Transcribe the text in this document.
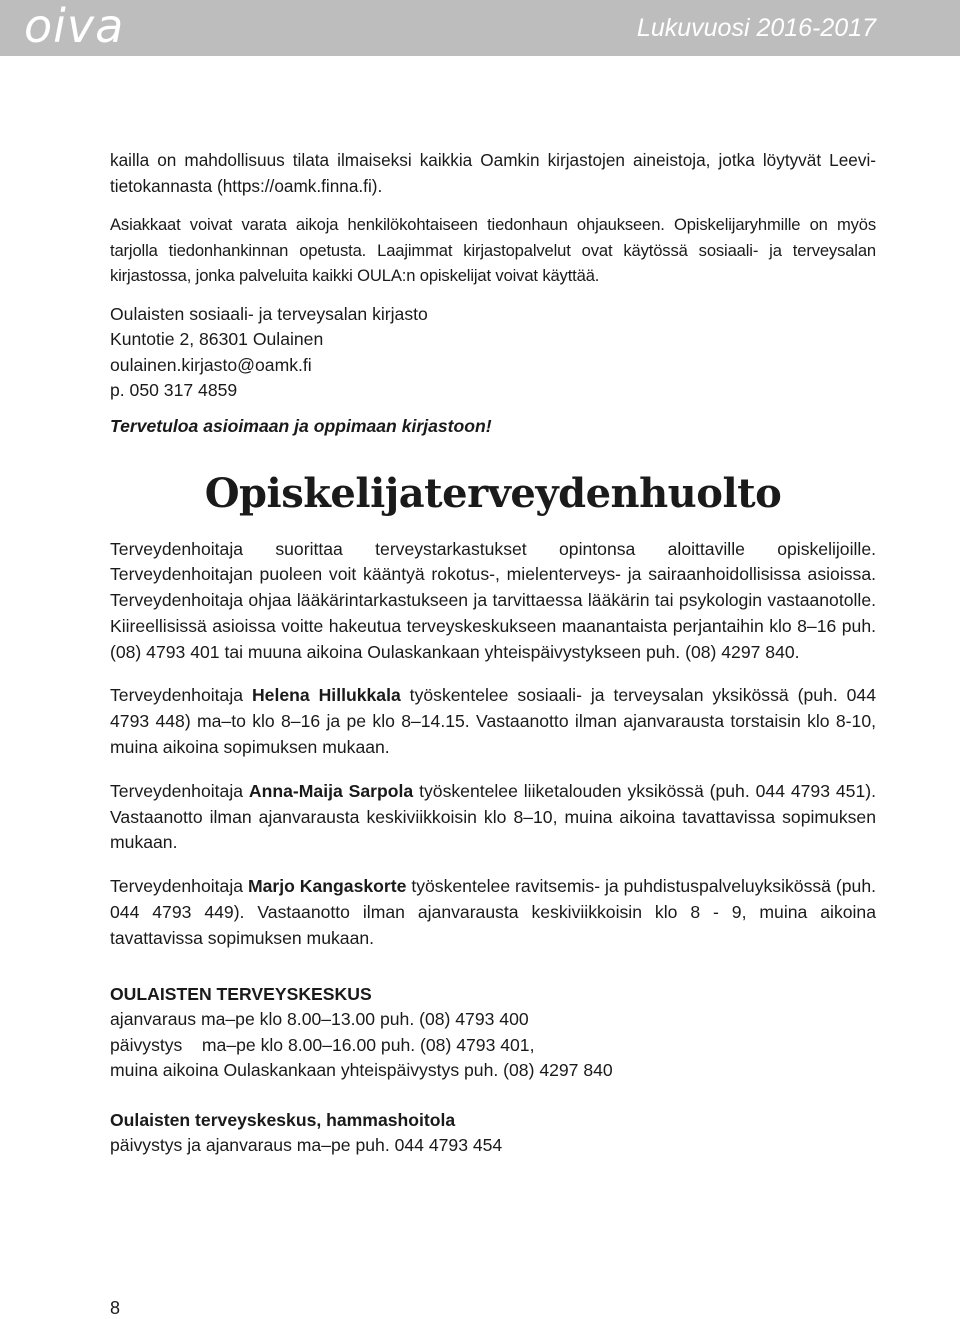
oiva	Lukuvuosi 2016-2017

kailla on mahdollisuus tilata ilmaiseksi kaikkia Oamkin kirjastojen aineistoja, jotka löytyvät Leevi-tietokannasta (https://oamk.finna.fi).

Asiakkaat voivat varata aikoja henkilökohtaiseen tiedonhaun ohjaukseen. Opiskelijaryhmille on myös tarjolla tiedonhankinnan opetusta. Laajimmat kirjastopalvelut ovat käytössä sosiaali- ja terveysalan kirjastossa, jonka palveluita kaikki OULA:n opiskelijat voivat käyttää.

Oulaisten sosiaali- ja terveysalan kirjasto
Kuntotie 2, 86301 Oulainen
oulainen.kirjasto@oamk.fi
p. 050 317 4859

Tervetuloa asioimaan ja oppimaan kirjastoon!

Opiskelijaterveydenhuolto

Terveydenhoitaja suorittaa terveystarkastukset opintonsa aloittaville opiskelijoille. Terveydenhoitajan puoleen voit kääntyä rokotus-, mielenterveys- ja sairaanhoidollisissa asioissa. Terveydenhoitaja ohjaa lääkärintarkastukseen ja tarvittaessa lääkärin tai psykologin vastaanotolle. Kiireellisissä asioissa voitte hakeutua terveyskeskukseen maanantaista perjantaihin klo 8–16 puh. (08) 4793 401 tai muuna aikoina Oulaskankaan yhteispäivystykseen puh. (08) 4297 840.

Terveydenhoitaja Helena Hillukkala työskentelee sosiaali- ja terveysalan yksikössä (puh. 044 4793 448) ma–to klo 8–16 ja pe klo 8–14.15. Vastaanotto ilman ajanvarausta torstaisin klo 8-10, muina aikoina sopimuksen mukaan.

Terveydenhoitaja Anna-Maija Sarpola työskentelee liiketalouden yksikössä (puh. 044 4793 451). Vastaanotto ilman ajanvarausta keskiviikkoisin klo 8–10, muina aikoina tavattavissa sopimuksen mukaan.

Terveydenhoitaja Marjo Kangaskorte työskentelee ravitsemis- ja puhdistuspalveluyksikössä (puh. 044 4793 449). Vastaanotto ilman ajanvarausta keskiviikkoisin klo 8 - 9, muina aikoina tavattavissa sopimuksen mukaan.

OULAISTEN TERVEYSKESKUS
ajanvaraus ma–pe klo 8.00–13.00 puh. (08) 4793 400
päivystys    ma–pe klo 8.00–16.00 puh. (08) 4793 401,
muina aikoina Oulaskankaan yhteispäivystys puh. (08) 4297 840
Oulaisten terveyskeskus, hammashoitola
päivystys ja ajanvaraus ma–pe puh. 044 4793 454
8
